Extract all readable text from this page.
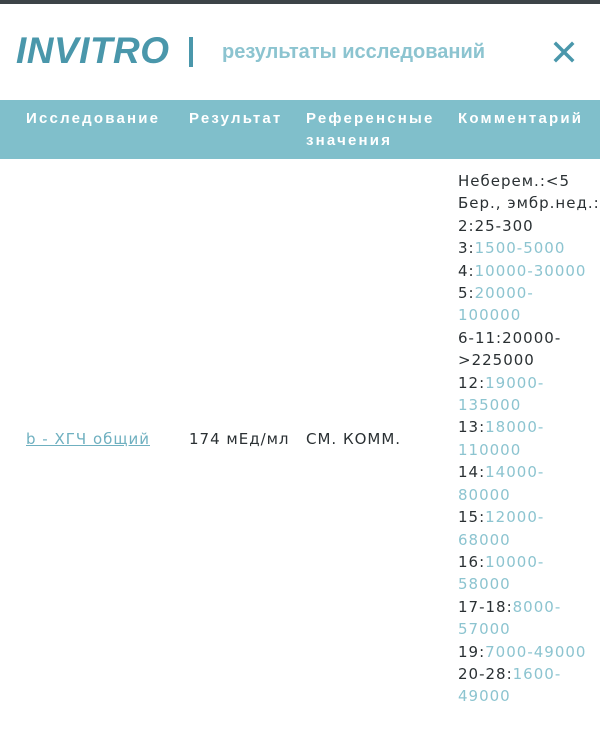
INVITRO	результаты исследований
Исследование Результат Референсные значения
Комментарий
b - ХГЧ общий	174 мЕд/мл СМ. КОММ.
Неберем.:<5
Бер., эмбр.нед.:
2:25-300
3:1500-5000
4:10000-30000
5:20000-
100000
6-11:20000-
>225000
12:19000-
135000
13:18000-
110000
14:14000-
80000
15:12000-
68000
16:10000-
58000
17-18:8000-
57000
19:7000-49000
20-28:1600-
49000
